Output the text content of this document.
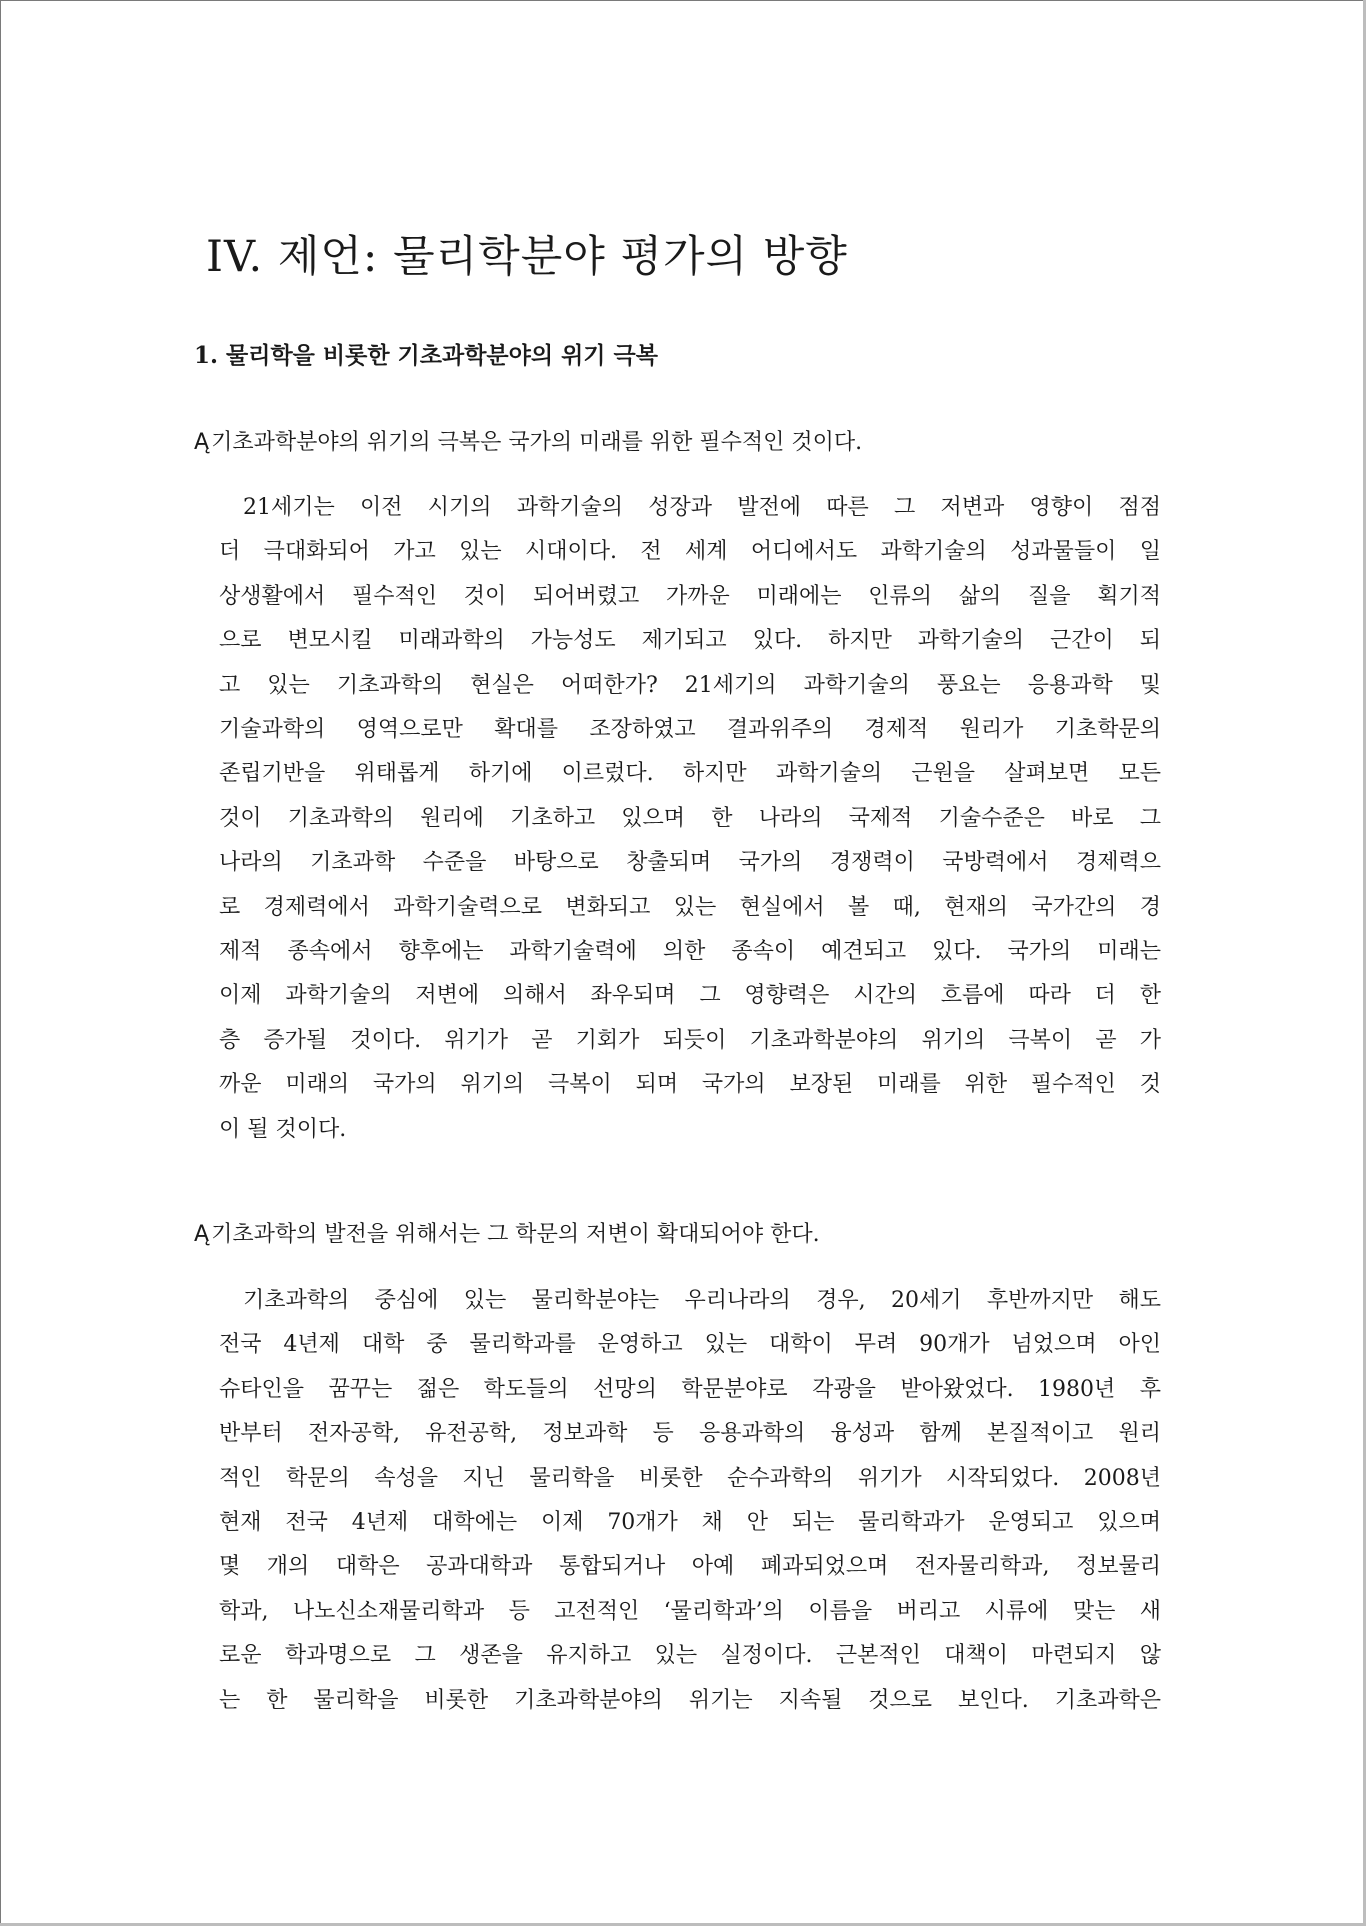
IV. 제언: 물리학분야 평가의 방향
1. 물리학을 비롯한 기초과학분야의 위기 극복

Ą기초과학분야의 위기의 극복은 국가의 미래를 위한 필수적인 것이다.

21세기는 이전 시기의 과학기술의 성장과 발전에 따른 그 저변과 영향이 점점
더 극대화되어 가고 있는 시대이다. 전 세계 어디에서도 과학기술의 성과물들이 일
상생활에서 필수적인 것이 되어버렸고 가까운 미래에는 인류의 삶의 질을 획기적
으로 변모시킬 미래과학의 가능성도 제기되고 있다. 하지만 과학기술의 근간이 되
고 있는 기초과학의 현실은 어떠한가? 21세기의 과학기술의 풍요는 응용과학 및
기술과학의 영역으로만 확대를 조장하였고 결과위주의 경제적 원리가 기초학문의
존립기반을 위태롭게 하기에 이르렀다. 하지만 과학기술의 근원을 살펴보면 모든
것이 기초과학의 원리에 기초하고 있으며 한 나라의 국제적 기술수준은 바로 그
나라의 기초과학 수준을 바탕으로 창출되며 국가의 경쟁력이 국방력에서 경제력으
로 경제력에서 과학기술력으로 변화되고 있는 현실에서 볼 때, 현재의 국가간의 경
제적 종속에서 향후에는 과학기술력에 의한 종속이 예견되고 있다. 국가의 미래는
이제 과학기술의 저변에 의해서 좌우되며 그 영향력은 시간의 흐름에 따라 더 한
층 증가될 것이다. 위기가 곧 기회가 되듯이 기초과학분야의 위기의 극복이 곧 가
까운 미래의 국가의 위기의 극복이 되며 국가의 보장된 미래를 위한 필수적인 것
이 될 것이다.

Ą기초과학의 발전을 위해서는 그 학문의 저변이 확대되어야 한다.

기초과학의 중심에 있는 물리학분야는 우리나라의 경우, 20세기 후반까지만 해도
전국 4년제 대학 중 물리학과를 운영하고 있는 대학이 무려 90개가 넘었으며 아인
슈타인을 꿈꾸는 젊은 학도들의 선망의 학문분야로 각광을 받아왔었다. 1980년 후
반부터 전자공학, 유전공학, 정보과학 등 응용과학의 융성과 함께 본질적이고 원리
적인 학문의 속성을 지닌 물리학을 비롯한 순수과학의 위기가 시작되었다. 2008년
현재 전국 4년제 대학에는 이제 70개가 채 안 되는 물리학과가 운영되고 있으며
몇 개의 대학은 공과대학과 통합되거나 아예 폐과되었으며 전자물리학과, 정보물리
학과, 나노신소재물리학과 등 고전적인 ‘물리학과’의 이름을 버리고 시류에 맞는 새
로운 학과명으로 그 생존을 유지하고 있는 실정이다. 근본적인 대책이 마련되지 않
는 한 물리학을 비롯한 기초과학분야의 위기는 지속될 것으로 보인다. 기초과학은
